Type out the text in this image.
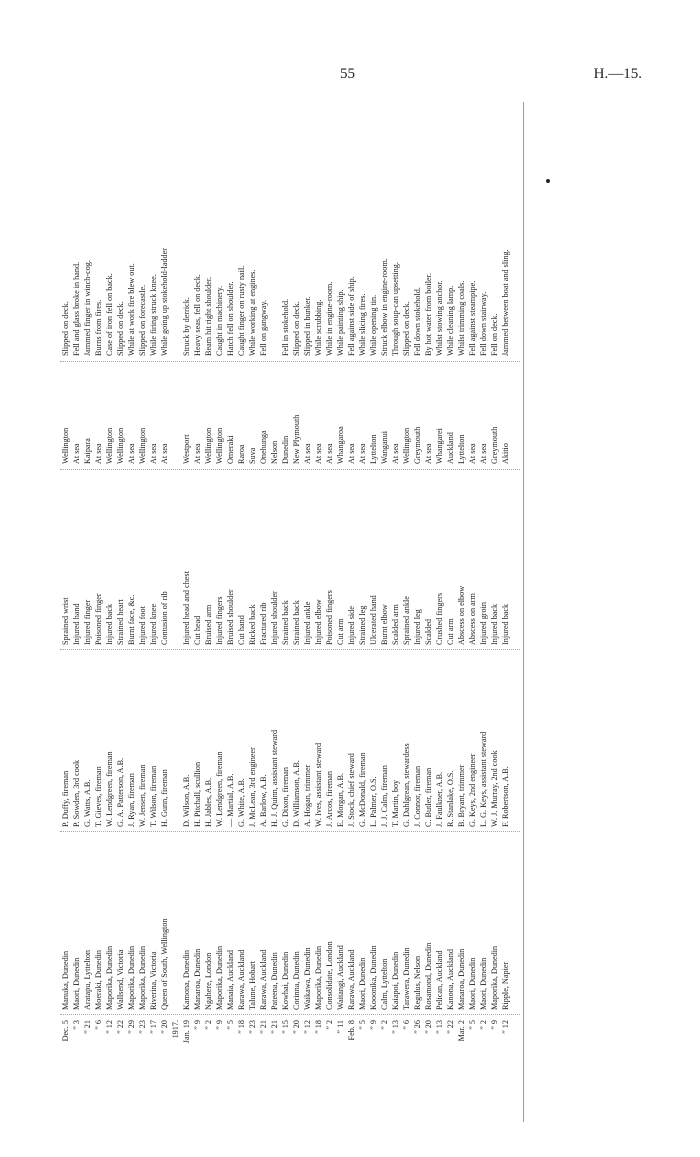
55	H.—15.
Dec. 5
Manuka, Dunedin
P. Duffy, fireman
Sprained wrist
Wellington
Slipped on deck.
” 3
Maori, Dunedin
P. Sowden, 3rd cook
Injured hand
At sea
Fell and glass broke in hand.
” 21
Aratapu, Lyttelton
G. Watts, A.B.
Injured finger
Kaipara
Jammed finger in winch-cog.
” 6
Moeraki, Dunedin
T. Gieves, fireman
Poisoned finger
At sea
Burns from fires.
” 12
Maporika, Dunedin
W. Lendgreen, fireman
Injured back
Wellington
Case of iron fell on back.
” 22
Wallsend, Victoria
G. A. Patterson, A.B.
Strained heart
Wellington
Slipped on deck.
” 29
Maporika, Dunedin
J. Ryan, fireman
Burnt face, &c.
At sea
While at work fire blew out.
” 23
Maporika, Dunedin
W. Jensen, fireman
Injured foot
Wellington
Slipped on forecastle.
” 17
Riverina, Victoria
T. Wilson, fireman
Injured knee
At sea
While firing struck knee.
” 20
Queen of South, Wellington
H. Gunn, fireman
Contusion of rib
At sea
While going up stokehold-ladder
1917. Jan. 19
Kamona, Dunedin
D. Wilson, A.B.
Injured head and chest
Westport
Struck by derrick.
” 9
Manaroa, Dunedin
H. Pitchall, scullion
Cut head
At sea
Heavy seas, fell on deck.
” 2
Ngahere, London
H. Jables, A.B.
Bruised arm
Wellington
Beam hit right shoulder.
” 9
Maporika, Dunedin
W. Lendgreen, fireman
Injured fingers
Wellington
Caught in machinery.
” 5
Manaia, Auckland
— Martial, A.B.
Bruised shoulder
Omeraki
Hatch fell on shoulder.
” 18
Rarawa, Auckland
G. White, A.B.
Cut hand
Raroa
Caught finger on rusty nail.
” 23
Talune, Hobart
J. McLean, 3rd engineer
Ricked back
Suva
While working at engines.
” 21
Rarawa, Auckland
A. Barlow, A.B.
Fractured rib
Onehunga
Fell on gangway.
” 21
Pateena, Dunedin
H. J. Quinn, assistant steward
Injured shoulder
Nelson
” 15
Kowhai, Dunedin
G. Dixon, fireman
Strained back
Dunedin
Fell in stokehold.
” 20
Corinna, Dunedin
D. Williamson, A.B.
Strained back
New Plymouth
Slipped on deck.
” 12
Waikawa, Dunedin
A. Hogan, trimmer
Injured ankle
At sea
Slipped in bunker.
” 18
Maporika, Dunedin
W. Ives, assistant steward
Injured elbow
At sea
While scrubbing.
” 2
Consolidate, London
J. Arcos, fireman
Poisoned fingers
At sea
While in engine-room.
” 11
Waitangi, Auckland
E. Morgan, A.B.
Cut arm
Whangaroa
While painting ship.
Feb. 8
Rarawa, Auckland
J. Stock, chief steward
Injured side
At sea
Fell against side of ship.
” 5
Maori, Dunedin
G. McDonald, fireman
Strained leg
At sea
While slicing fires.
” 9
Kooonika, Dunedin
L. Palmer, O.S.
Ulcerated hand
Lyttelton
While opening tin.
” 2
Calm, Lyttelton
J. J. Calm, fireman
Burnt elbow
Wanganui
Struck elbow in engine-room.
” 13
Kaiapoi, Dunedin
T. Martin, boy
Scalded arm
At sea
Through soup-can upsetting.
” 6
Tarawera, Dunedin
G. Dahlgrean, stewardess
Sprained ankle
Wellington
Slipped on deck.
” 26
Regulus, Nelson
J. Connor, fireman
Injured leg
Greymouth
Fell down stokehold.
” 20
Rosamond, Dunedin
C. Butler, fireman
Scalded
At sea
By hot water from boiler.
” 13
Pelican, Auckland
J. Faulkner, A.B.
Crushed fingers
Whangarei
Whilst stowing anchor.
” 22
Kanona, Auckland
R. Stanlake, O.S.
Cut arm
Auckland
While cleaning lamp.
Mar. 2
Manaroa, Dunedin
B. Bryant, trimmer
Abscess on elbow
Lyttelton
Whilst trimming coals.
” 5
Maori, Dunedin
G. Keys, 2nd engineer
Abscess on arm
At sea
Fell against steampipe.
” 2
Maori, Dunedin
L. G. Keys, assistant steward
Injured groin
At sea
Fell down stairway.
” 9
Maporika, Dunedin
W. J. Murray, 2nd cook
Injured back
Greymouth
Fell on deck.
” 12
Ripple, Napier
F. Robertson, A.B.
Injured back
Akitio
Jammed between boat and sling.
